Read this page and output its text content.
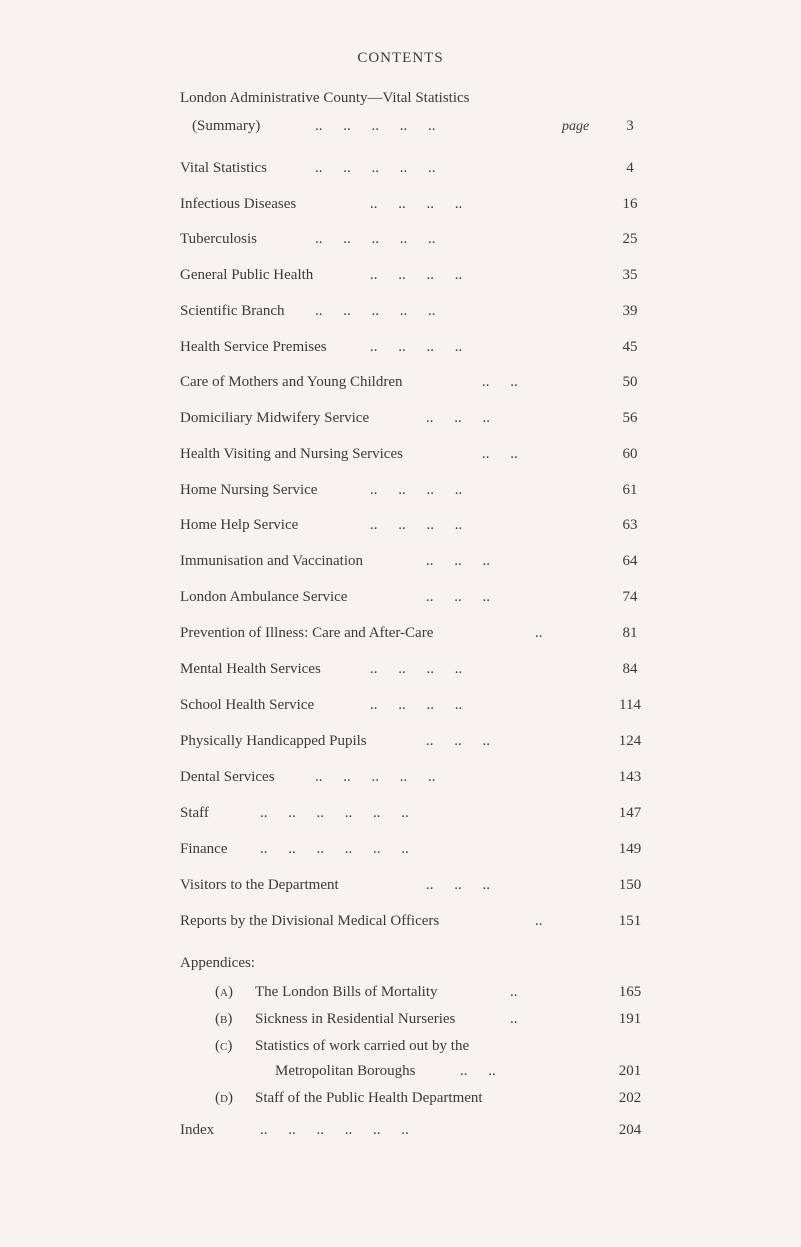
CONTENTS
London Administrative County—Vital Statistics
(Summary)	.. .. .. .. ..	page	3
Vital Statistics	.. .. .. .. ..	4
Infectious Diseases	.. .. .. ..	16
Tuberculosis	.. .. .. .. ..	25
General Public Health	.. .. .. ..	35
Scientific Branch .. .. .. .. ..	39
Health Service Premises	.. .. .. ..	45
Care of Mothers and Young Children	.. ..	50
Domiciliary Midwifery Service	.. .. ..	56
Health Visiting and Nursing Services	.. ..	60
Home Nursing Service	.. .. .. ..	61
Home Help Service	.. .. .. ..	63
Immunisation and Vaccination	.. .. ..	64
London Ambulance Service	.. .. ..	74
Prevention of Illness: Care and After-Care	..	81
Mental Health Services	.. .. .. ..	84
School Health Service	.. .. .. ..	114
Physically Handicapped Pupils	.. .. ..	124
Dental Services	.. .. .. .. ..	143
Staff	.. .. .. .. .. ..	147
Finance .. .. .. .. .. ..	149
Visitors to the Department	.. .. ..	150
Reports by the Divisional Medical Officers	..	151
Appendices:
(a) The London Bills of Mortality	..	165
(b) Sickness in Residential Nurseries	..	191
(c) Statistics of work carried out by the
Metropolitan Boroughs	.. ..	201
(d) Staff of the Public Health Department	202
Index	.. .. .. .. .. ..	204
